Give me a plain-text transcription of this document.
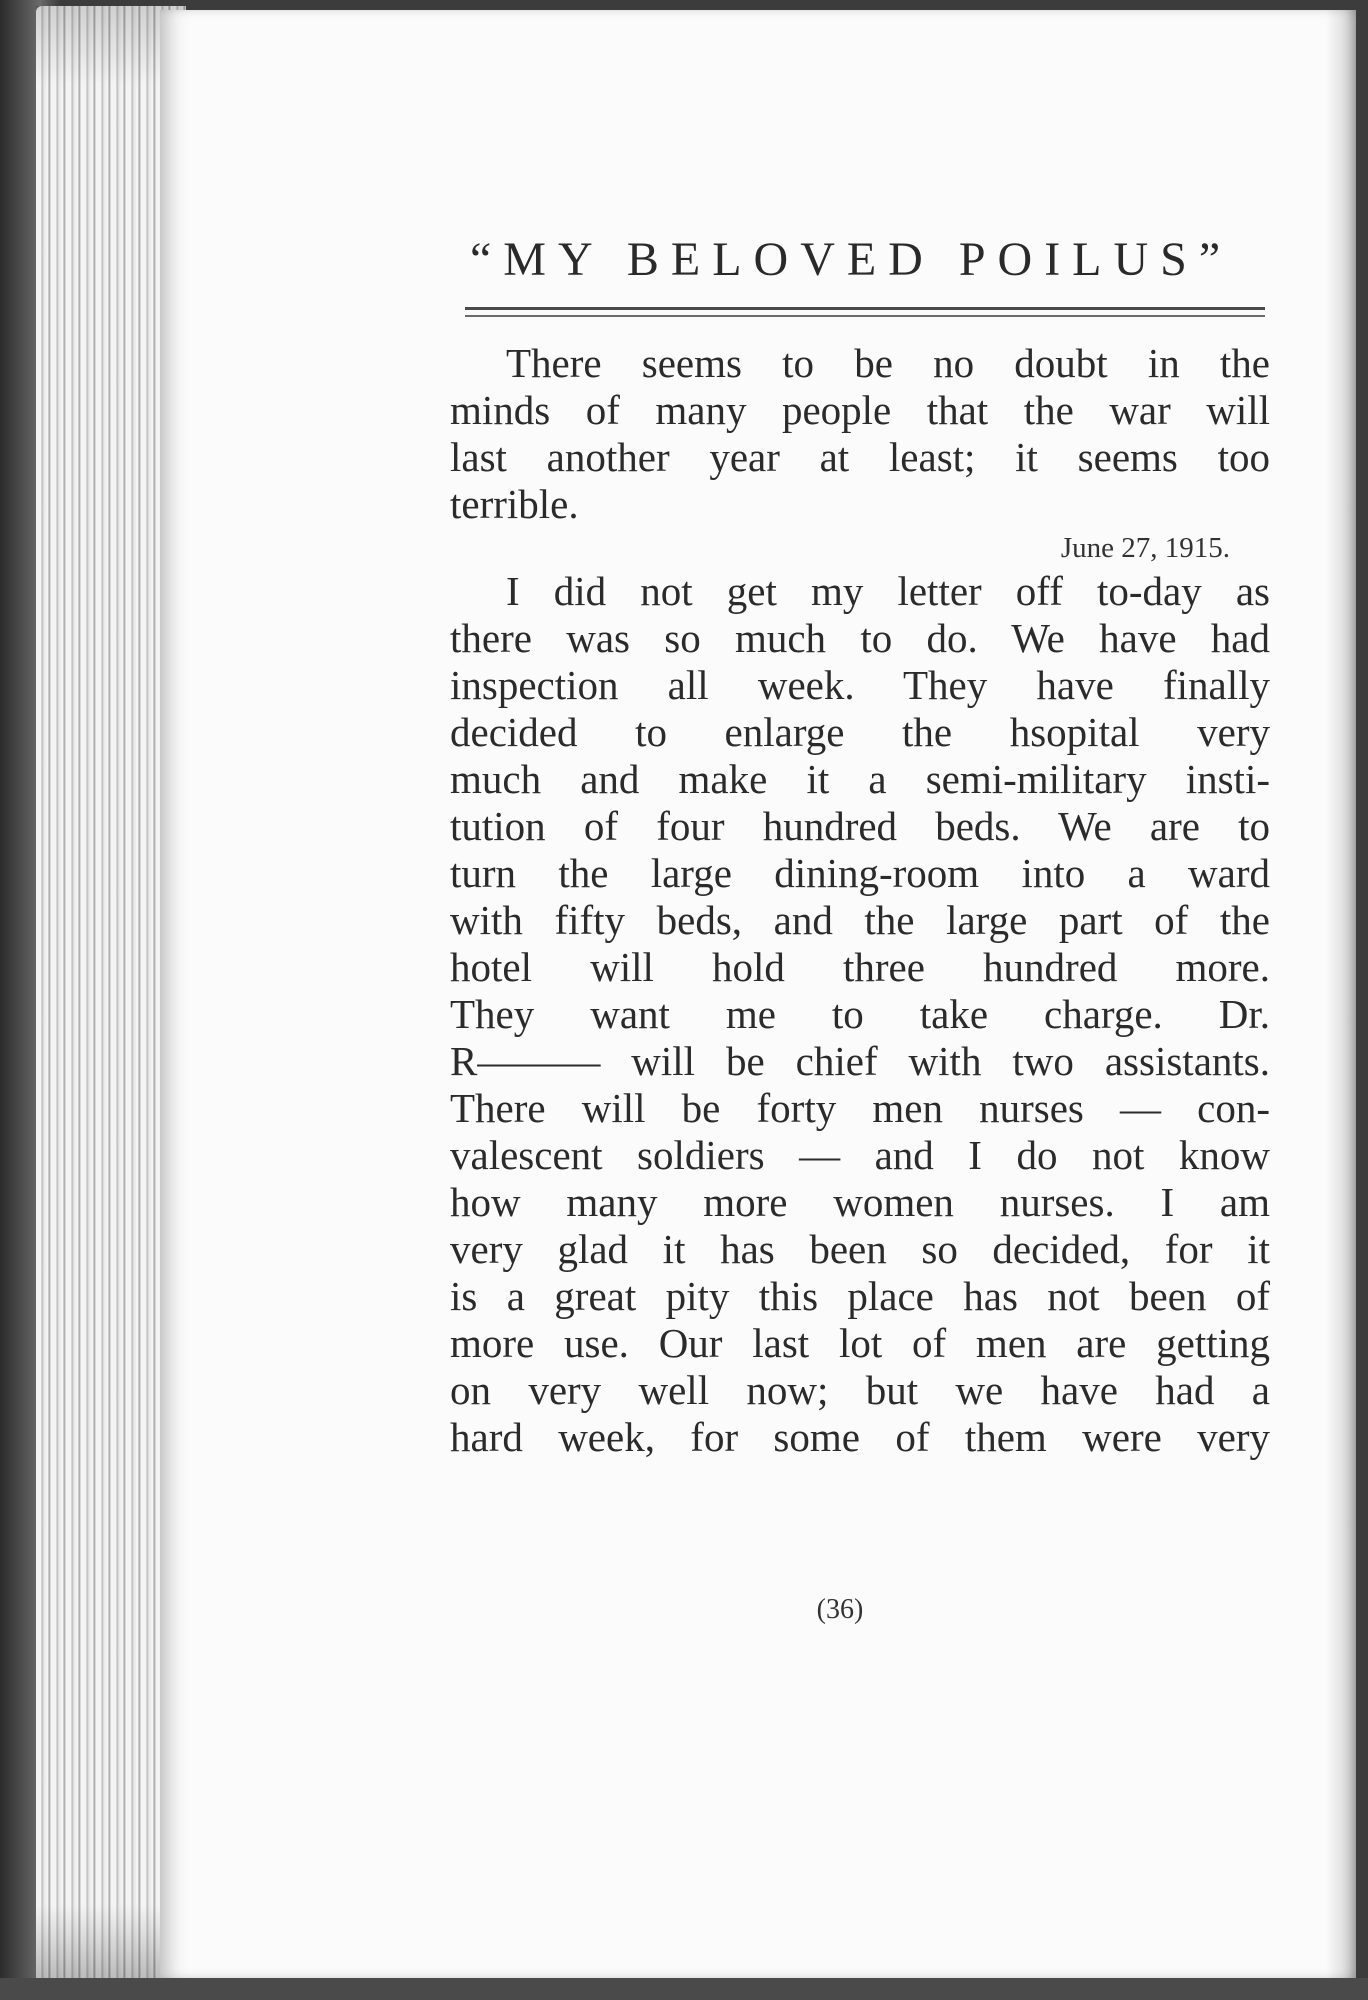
“MY BELOVED POILUS”
There seems to be no doubt in the
minds of many people that the war will
last another year at least; it seems too
terrible.
June 27, 1915.
I did not get my letter off to-day as
there was so much to do. We have had
inspection all week. They have finally
decided to enlarge the hsopital very
much and make it a semi-military insti-
tution of four hundred beds. We are to
turn the large dining-room into a ward
with fifty beds, and the large part of the
hotel will hold three hundred more.
They want me to take charge. Dr.
R——— will be chief with two assistants.
There will be forty men nurses — con-
valescent soldiers — and I do not know
how many more women nurses. I am
very glad it has been so decided, for it
is a great pity this place has not been of
more use. Our last lot of men are getting
on very well now; but we have had a
hard week, for some of them were very
(36)
